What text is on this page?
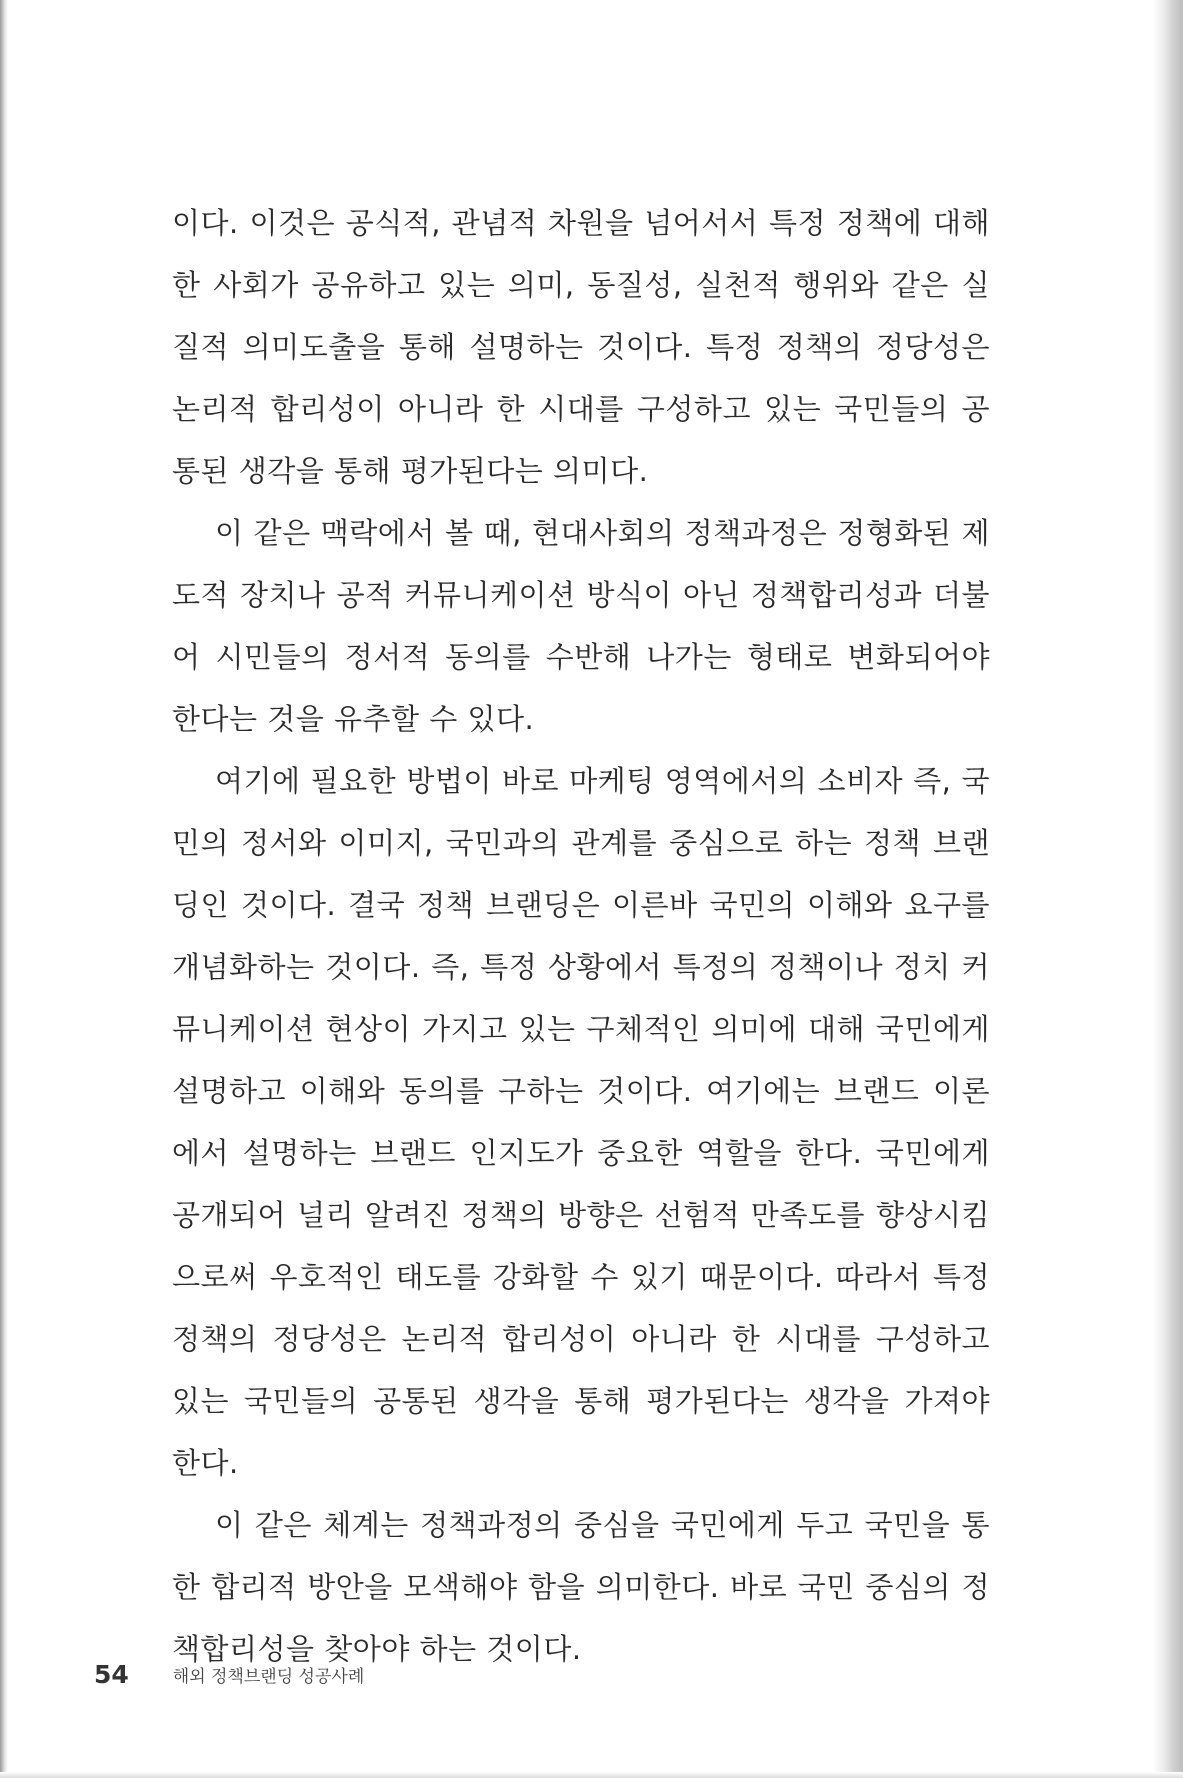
이다. 이것은 공식적, 관념적 차원을 넘어서서 특정 정책에 대해 한 사회가 공유하고 있는 의미, 동질성, 실천적 행위와 같은 실질적 의미도출을 통해 설명하는 것이다. 특정 정책의 정당성은 논리적 합리성이 아니라 한 시대를 구성하고 있는 국민들의 공통된 생각을 통해 평가된다는 의미다.

이 같은 맥락에서 볼 때, 현대사회의 정책과정은 정형화된 제도적 장치나 공적 커뮤니케이션 방식이 아닌 정책합리성과 더불어 시민들의 정서적 동의를 수반해 나가는 형태로 변화되어야 한다는 것을 유추할 수 있다.

여기에 필요한 방법이 바로 마케팅 영역에서의 소비자 즉, 국민의 정서와 이미지, 국민과의 관계를 중심으로 하는 정책 브랜딩인 것이다. 결국 정책 브랜딩은 이른바 국민의 이해와 요구를 개념화하는 것이다. 즉, 특정 상황에서 특정의 정책이나 정치 커뮤니케이션 현상이 가지고 있는 구체적인 의미에 대해 국민에게 설명하고 이해와 동의를 구하는 것이다. 여기에는 브랜드 이론에서 설명하는 브랜드 인지도가 중요한 역할을 한다. 국민에게 공개되어 널리 알려진 정책의 방향은 선험적 만족도를 향상시킴으로써 우호적인 태도를 강화할 수 있기 때문이다. 따라서 특정 정책의 정당성은 논리적 합리성이 아니라 한 시대를 구성하고 있는 국민들의 공통된 생각을 통해 평가된다는 생각을 가져야 한다.

이 같은 체계는 정책과정의 중심을 국민에게 두고 국민을 통한 합리적 방안을 모색해야 함을 의미한다. 바로 국민 중심의 정책합리성을 찾아야 하는 것이다.

54	해외 정책브랜딩 성공사례
